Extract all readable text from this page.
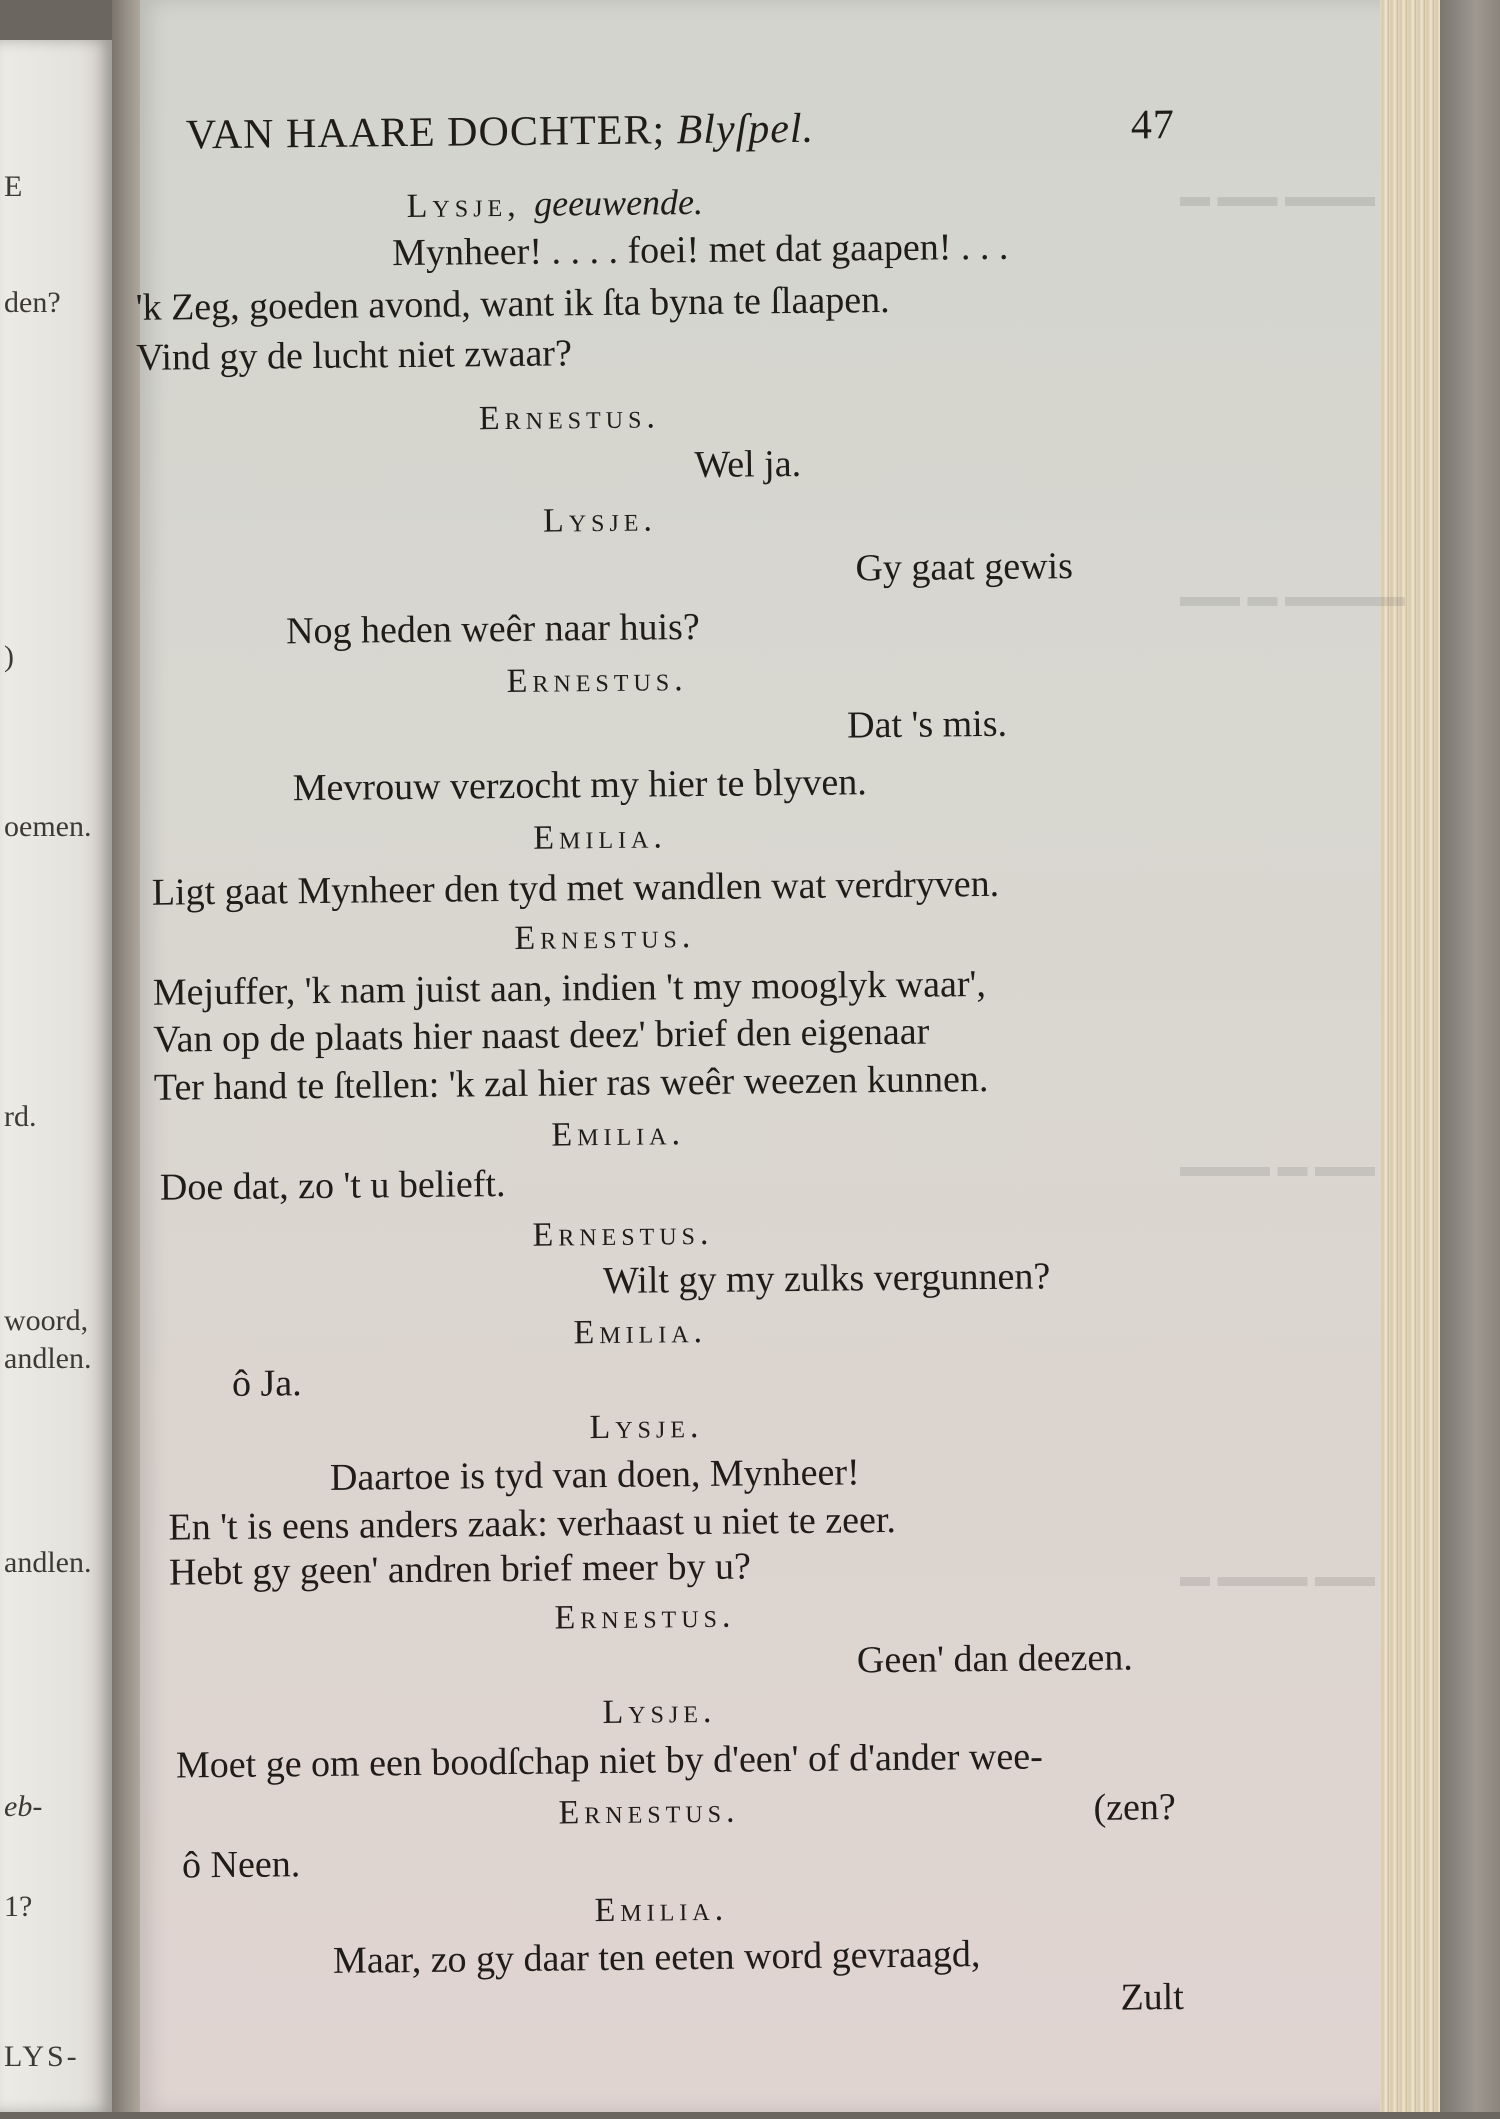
E
den?
)
oemen.
rd.
woord,
andlen.
andlen.
eb-
1?
LYS-
▬ ▬▬ ▬▬▬
▬▬ ▬ ▬▬▬▬
▬▬▬ ▬ ▬▬
▬ ▬▬▬ ▬▬
VAN HAARE DOCHTER; Blyſpel.	47
Lysje, geeuwende.
Mynheer! . . . . foei! met dat gaapen! . . .
'k Zeg, goeden avond, want ik ſta byna te ſlaapen.
Vind gy de lucht niet zwaar?
Ernestus.
Wel ja.
Lysje.
Gy gaat gewis
Nog heden weêr naar huis?
Ernestus.
Dat 's mis.
Mevrouw verzocht my hier te blyven.
Emilia.
Ligt gaat Mynheer den tyd met wandlen wat verdryven.
Ernestus.
Mejuffer, 'k nam juist aan, indien 't my mooglyk waar',
Van op de plaats hier naast deez' brief den eigenaar
Ter hand te ſtellen: 'k zal hier ras weêr weezen kunnen.
Emilia.
Doe dat, zo 't u belieft.
Ernestus.
Wilt gy my zulks vergunnen?
Emilia.
ô Ja.
Lysje.
Daartoe is tyd van doen, Mynheer!
En 't is eens anders zaak: verhaast u niet te zeer.
Hebt gy geen' andren brief meer by u?
Ernestus.
Geen' dan deezen.
Lysje.
Moet ge om een boodſchap niet by d'een' of d'ander wee-
Ernestus.	(zen?
ô Neen.
Emilia.
Maar, zo gy daar ten eeten word gevraagd,
Zult
